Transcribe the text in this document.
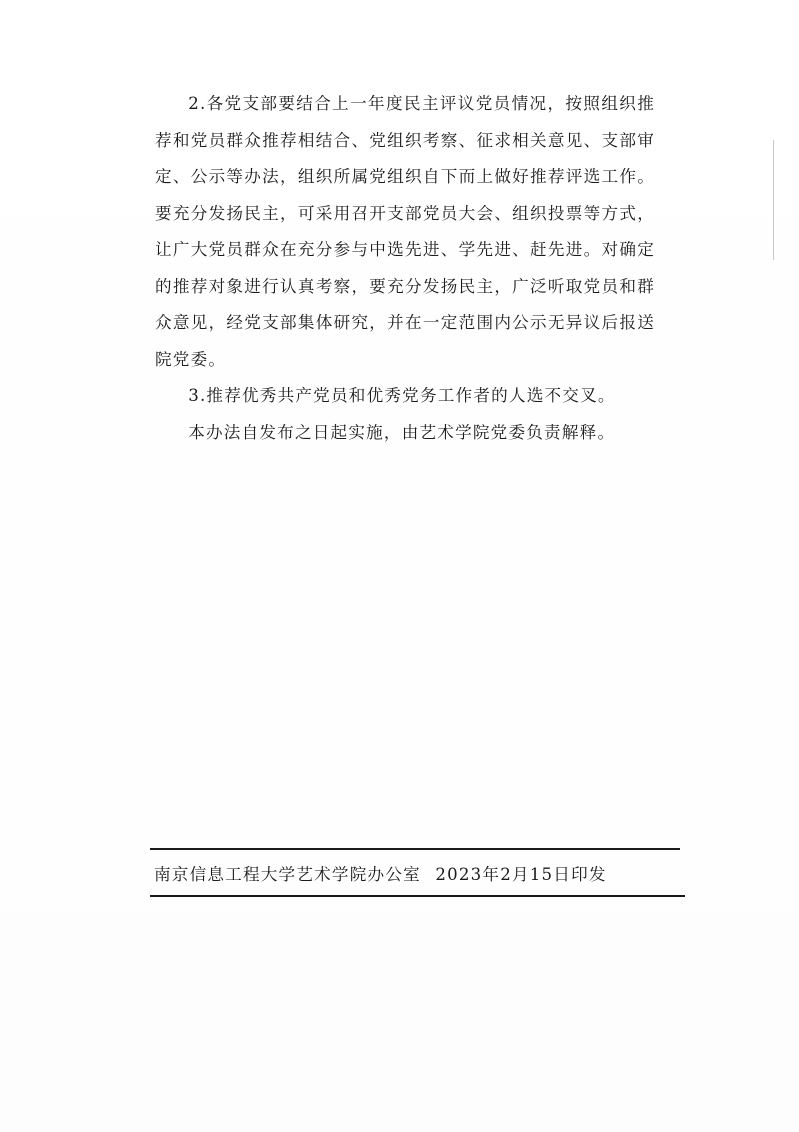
2.各党支部要结合上一年度民主评议党员情况，按照组织推荐和党员群众推荐相结合、党组织考察、征求相关意见、支部审定、公示等办法，组织所属党组织自下而上做好推荐评选工作。要充分发扬民主，可采用召开支部党员大会、组织投票等方式，让广大党员群众在充分参与中选先进、学先进、赶先进。对确定的推荐对象进行认真考察，要充分发扬民主，广泛听取党员和群众意见，经党支部集体研究，并在一定范围内公示无异议后报送院党委。

3.推荐优秀共产党员和优秀党务工作者的人选不交叉。

本办法自发布之日起实施，由艺术学院党委负责解释。

南京信息工程大学艺术学院办公室 2023年2月15日印发
